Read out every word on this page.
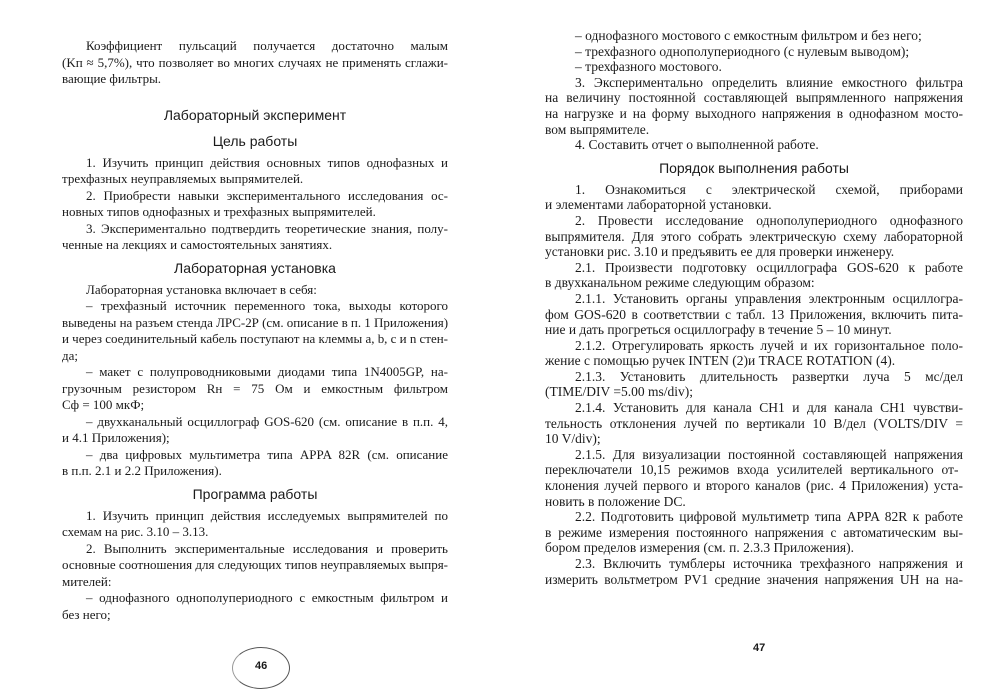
Коэффициент пульсаций получается достаточно малым
(Kп ≈ 5,7%), что позволяет во многих случаях не применять сглажи-
вающие фильтры.
Лабораторный эксперимент
Цель работы
1. Изучить принцип действия основных типов однофазных и
трехфазных неуправляемых выпрямителей.
2. Приобрести навыки экспериментального исследования ос-
новных типов однофазных и трехфазных выпрямителей.
3. Экспериментально подтвердить теоретические знания, полу-
ченные на лекциях и самостоятельных занятиях.
Лабораторная установка
Лабораторная установка включает в себя:
– трехфазный источник переменного тока, выходы которого
выведены на разъем стенда ЛРС-2Р (см. описание в п. 1 Приложения)
и через соединительный кабель поступают на клеммы a, b, c и n стен-
да;
– макет с полупроводниковыми диодами типа 1N4005GP, на-
грузочным резистором Rн = 75 Ом и емкостным фильтром
Cф = 100 мкФ;
– двухканальный осциллограф GOS-620 (см. описание в п.п. 4,
и 4.1 Приложения);
– два цифровых мультиметра типа APPA 82R (см. описание
в п.п. 2.1 и 2.2 Приложения).
Программа работы
1. Изучить принцип действия исследуемых выпрямителей по
схемам на рис. 3.10 – 3.13.
2. Выполнить экспериментальные исследования и проверить
основные соотношения для следующих типов неуправляемых выпря-
мителей:
– однофазного однополупериодного с емкостным фильтром и
без него;
46
– однофазного мостового с емкостным фильтром и без него;
– трехфазного однополупериодного (с нулевым выводом);
– трехфазного мостового.
3. Экспериментально определить влияние емкостного фильтра
на величину постоянной составляющей выпрямленного напряжения
на нагрузке и на форму выходного напряжения в однофазном мосто-
вом выпрямителе.
4. Составить отчет о выполненной работе.
Порядок выполнения работы
1. Ознакомиться с электрической схемой, приборами
и элементами лабораторной установки.
2. Провести исследование однополупериодного однофазного
выпрямителя. Для этого собрать электрическую схему лабораторной
установки рис. 3.10 и предъявить ее для проверки инженеру.
2.1. Произвести подготовку осциллографа GOS-620 к работе
в двухканальном режиме следующим образом:
2.1.1. Установить органы управления электронным осциллогра-
фом GOS-620 в соответствии с табл. 13 Приложения, включить пита-
ние и дать прогреться осциллографу в течение 5 – 10 минут.
2.1.2. Отрегулировать яркость лучей и их горизонтальное поло-
жение с помощью ручек INTEN (2)и TRACE ROTATION (4).
2.1.3. Установить длительность развертки луча 5 мс/дел
(TIME/DIV =5.00 ms/div);
2.1.4. Установить для канала CH1 и для канала CH1 чувстви-
тельность отклонения лучей по вертикали 10 В/дел (VOLTS/DIV =
10 V/div);
2.1.5. Для визуализации постоянной составляющей напряжения
переключатели 10,15 режимов входа усилителей вертикального от-
клонения лучей первого и второго каналов (рис. 4 Приложения) уста-
новить в положение DC.
2.2. Подготовить цифровой мультиметр типа APPA 82R к работе
в режиме измерения постоянного напряжения с автоматическим вы-
бором пределов измерения (см. п. 2.3.3 Приложения).
2.3. Включить тумблеры источника трехфазного напряжения и
измерить вольтметром PV1 средние значения напряжения UН на на-
47
